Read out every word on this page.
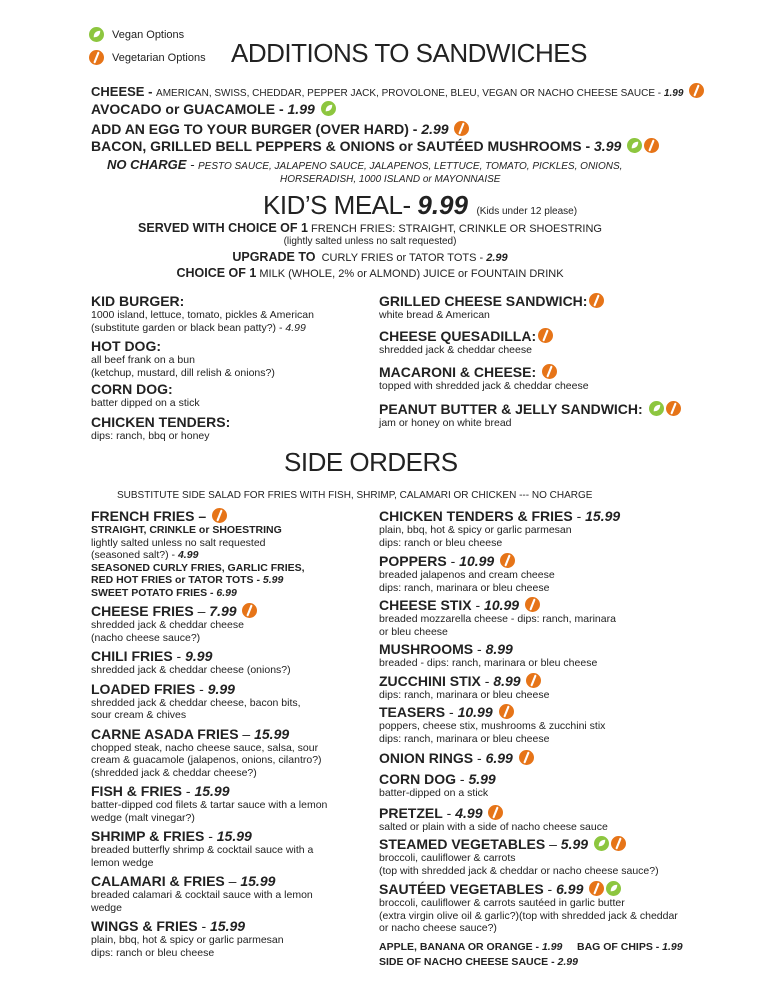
Vegan Options
Vegetarian Options ADDITIONS TO SANDWICHES
CHEESE - AMERICAN, SWISS, CHEDDAR, PEPPER JACK, PROVOLONE, BLEU, VEGAN OR NACHO CHEESE SAUCE - 1.99
AVOCADO or GUACAMOLE - 1.99
ADD AN EGG TO YOUR BURGER (OVER HARD) - 2.99
BACON, GRILLED BELL PEPPERS & ONIONS or SAUTÉED MUSHROOMS - 3.99
NO CHARGE - PESTO SAUCE, JALAPENO SAUCE, JALAPENOS, LETTUCE, TOMATO, PICKLES, ONIONS,
HORSERADISH, 1000 ISLAND or MAYONNAISE
KID’S MEAL- 9.99 (Kids under 12 please)
SERVED WITH CHOICE OF 1 FRENCH FRIES: STRAIGHT, CRINKLE OR SHOESTRING
(lightly salted unless no salt requested)
UPGRADE TO CURLY FRIES or TATOR TOTS - 2.99
CHOICE OF 1 MILK (WHOLE, 2% or ALMOND) JUICE or FOUNTAIN DRINK
KID BURGER:
1000 island, lettuce, tomato, pickles & American
(substitute garden or black bean patty?) - 4.99
HOT DOG:
all beef frank on a bun
(ketchup, mustard, dill relish & onions?)
CORN DOG:
batter dipped on a stick
CHICKEN TENDERS:
dips: ranch, bbq or honey
GRILLED CHEESE SANDWICH:
white bread & American
CHEESE QUESADILLA:
shredded jack & cheddar cheese
MACARONI & CHEESE:
topped with shredded jack & cheddar cheese
PEANUT BUTTER & JELLY SANDWICH:
jam or honey on white bread
SIDE ORDERS
SUBSTITUTE SIDE SALAD FOR FRIES WITH FISH, SHRIMP, CALAMARI OR CHICKEN --- NO CHARGE
FRENCH FRIES –
STRAIGHT, CRINKLE or SHOESTRING
lightly salted unless no salt requested
(seasoned salt?) - 4.99
SEASONED CURLY FRIES, GARLIC FRIES,
RED HOT FRIES or TATOR TOTS - 5.99
SWEET POTATO FRIES - 6.99
CHEESE FRIES – 7.99
shredded jack & cheddar cheese
(nacho cheese sauce?)
CHILI FRIES - 9.99
shredded jack & cheddar cheese (onions?)
LOADED FRIES - 9.99
shredded jack & cheddar cheese, bacon bits,
sour cream & chives
CARNE ASADA FRIES – 15.99
chopped steak, nacho cheese sauce, salsa, sour
cream & guacamole (jalapenos, onions, cilantro?)
(shredded jack & cheddar cheese?)
FISH & FRIES - 15.99
batter-dipped cod filets & tartar sauce with a lemon
wedge (malt vinegar?)
SHRIMP & FRIES - 15.99
breaded butterfly shrimp & cocktail sauce with a
lemon wedge
CALAMARI & FRIES – 15.99
breaded calamari & cocktail sauce with a lemon
wedge
WINGS & FRIES - 15.99
plain, bbq, hot & spicy or garlic parmesan
dips: ranch or bleu cheese
CHICKEN TENDERS & FRIES - 15.99
plain, bbq, hot & spicy or garlic parmesan
dips: ranch or bleu cheese
POPPERS - 10.99
breaded jalapenos and cream cheese
dips: ranch, marinara or bleu cheese
CHEESE STIX - 10.99
breaded mozzarella cheese - dips: ranch, marinara
or bleu cheese
MUSHROOMS - 8.99
breaded - dips: ranch, marinara or bleu cheese
ZUCCHINI STIX - 8.99
dips: ranch, marinara or bleu cheese
TEASERS - 10.99
poppers, cheese stix, mushrooms & zucchini stix
dips: ranch, marinara or bleu cheese
ONION RINGS - 6.99
CORN DOG - 5.99
batter-dipped on a stick
PRETZEL - 4.99
salted or plain with a side of nacho cheese sauce
STEAMED VEGETABLES – 5.99
broccoli, cauliflower & carrots
(top with shredded jack & cheddar or nacho cheese sauce?)
SAUTÉED VEGETABLES - 6.99
broccoli, cauliflower & carrots sautéed in garlic butter
(extra virgin olive oil & garlic?)(top with shredded jack & cheddar
or nacho cheese sauce?)
APPLE, BANANA OR ORANGE - 1.99 BAG OF CHIPS - 1.99
SIDE OF NACHO CHEESE SAUCE - 2.99
